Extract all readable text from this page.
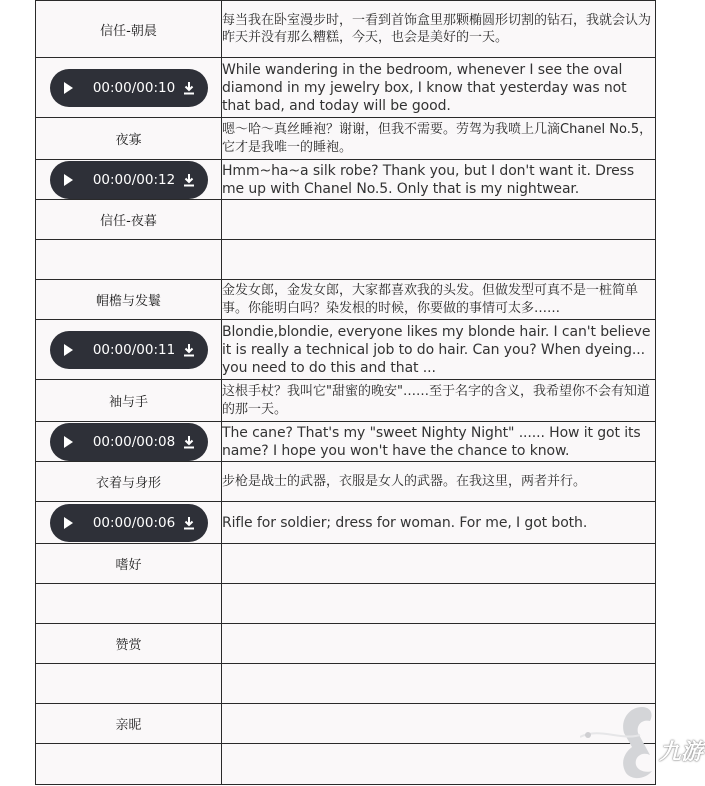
信任-朝晨	每当我在卧室漫步时，一看到首饰盒里那颗椭圆形切割的钻石，我就会认为昨天并没有那么糟糕，今天，也会是美好的一天。

00:00/00:10	While wandering in the bedroom, whenever I see the oval diamond in my jewelry box, I know that yesterday was not that bad, and today will be good.
夜寡	嗯～哈～真丝睡袍？谢谢，但我不需要。劳驾为我喷上几滴Chanel No.5，它才是我唯一的睡袍。

00:00/00:12	Hmm~ha~a silk robe? Thank you, but I don't want it. Dress me up with Chanel No.5. Only that is my nightwear.
信任-夜暮	

帽檐与发鬟	金发女郎，金发女郎，大家都喜欢我的头发。但做发型可真不是一桩简单事。你能明白吗？染发根的时候，你要做的事情可太多……

00:00/00:11	Blondie,blondie, everyone likes my blonde hair. I can't believe it is really a technical job to do hair. Can you? When dyeing... you need to do this and that ...
袖与手	这根手杖？我叫它"甜蜜的晚安"……至于名字的含义，我希望你不会有知道的那一天。

00:00/00:08	The cane? That's my "sweet Nighty Night" ...... How it got its name? I hope you won't have the chance to know.
衣着与身形	步枪是战士的武器，衣服是女人的武器。在我这里，两者并行。

00:00/00:06	Rifle for soldier; dress for woman. For me, I got both.
嗜好	

赞赏	

亲昵	

九游
